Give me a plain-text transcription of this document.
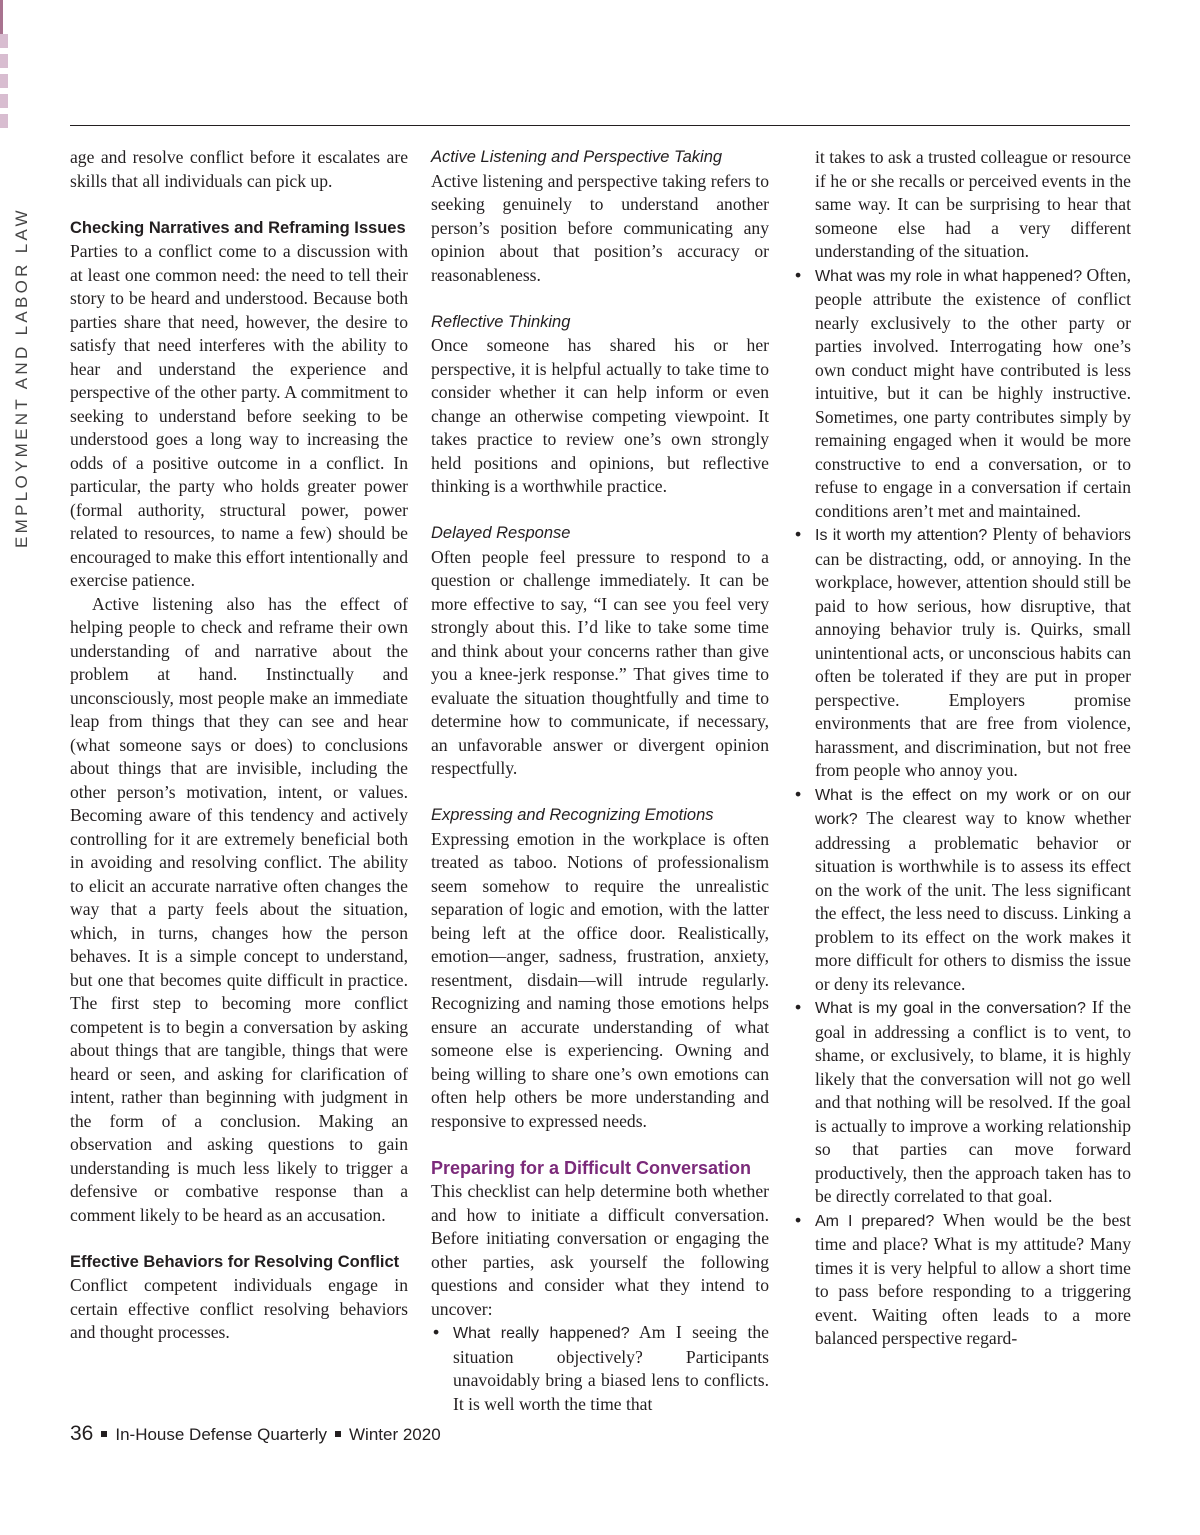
EMPLOYMENT AND LABOR LAW

age and resolve conflict before it escalates are skills that all individuals can pick up.

Checking Narratives and Reframing Issues

Parties to a conflict come to a discussion with at least one common need: the need to tell their story to be heard and understood. Because both parties share that need, however, the desire to satisfy that need interferes with the ability to hear and understand the experience and perspective of the other party. A commitment to seeking to understand before seeking to be understood goes a long way to increasing the odds of a positive outcome in a conflict. In particular, the party who holds greater power (formal authority, structural power, power related to resources, to name a few) should be encouraged to make this effort intentionally and exercise patience.

Active listening also has the effect of helping people to check and reframe their own understanding of and narrative about the problem at hand. Instinctually and unconsciously, most people make an immediate leap from things that they can see and hear (what someone says or does) to conclusions about things that are invisible, including the other person’s motivation, intent, or values. Becoming aware of this tendency and actively controlling for it are extremely beneficial both in avoiding and resolving conflict. The ability to elicit an accurate narrative often changes the way that a party feels about the situation, which, in turns, changes how the person behaves. It is a simple concept to understand, but one that becomes quite difficult in practice. The first step to becoming more conflict competent is to begin a conversation by asking about things that are tangible, things that were heard or seen, and asking for clarification of intent, rather than beginning with judgment in the form of a conclusion. Making an observation and asking questions to gain understanding is much less likely to trigger a defensive or combative response than a comment likely to be heard as an accusation.

Effective Behaviors for Resolving Conflict

Conflict competent individuals engage in certain effective conflict resolving behaviors and thought processes.

Active Listening and Perspective Taking

Active listening and perspective taking refers to seeking genuinely to understand another person’s position before communicating any opinion about that position’s accuracy or reasonableness.

Reflective Thinking

Once someone has shared his or her perspective, it is helpful actually to take time to consider whether it can help inform or even change an otherwise competing viewpoint. It takes practice to review one’s own strongly held positions and opinions, but reflective thinking is a worthwhile practice.

Delayed Response

Often people feel pressure to respond to a question or challenge immediately. It can be more effective to say, “I can see you feel very strongly about this. I’d like to take some time and think about your concerns rather than give you a knee-jerk response.” That gives time to evaluate the situation thoughtfully and time to determine how to communicate, if necessary, an unfavorable answer or divergent opinion respectfully.

Expressing and Recognizing Emotions

Expressing emotion in the workplace is often treated as taboo. Notions of professionalism seem somehow to require the unrealistic separation of logic and emotion, with the latter being left at the office door. Realistically, emotion—anger, sadness, frustration, anxiety, resentment, disdain—will intrude regularly. Recognizing and naming those emotions helps ensure an accurate understanding of what someone else is experiencing. Owning and being willing to share one’s own emotions can often help others be more understanding and responsive to expressed needs.

Preparing for a Difficult Conversation

This checklist can help determine both whether and how to initiate a difficult conversation. Before initiating conversation or engaging the other parties, ask yourself the following questions and consider what they intend to uncover:

• What really happened? Am I seeing the situation objectively? Participants unavoidably bring a biased lens to conflicts. It is well worth the time that

it takes to ask a trusted colleague or resource if he or she recalls or perceived events in the same way. It can be surprising to hear that someone else had a very different understanding of the situation.

• What was my role in what happened? Often, people attribute the existence of conflict nearly exclusively to the other party or parties involved. Interrogating how one’s own conduct might have contributed is less intuitive, but it can be highly instructive. Sometimes, one party contributes simply by remaining engaged when it would be more constructive to end a conversation, or to refuse to engage in a conversation if certain conditions aren’t met and maintained.

• Is it worth my attention? Plenty of behaviors can be distracting, odd, or annoying. In the workplace, however, attention should still be paid to how serious, how disruptive, that annoying behavior truly is. Quirks, small unintentional acts, or unconscious habits can often be tolerated if they are put in proper perspective. Employers promise environments that are free from violence, harassment, and discrimination, but not free from people who annoy you.

• What is the effect on my work or on our work? The clearest way to know whether addressing a problematic behavior or situation is worthwhile is to assess its effect on the work of the unit. The less significant the effect, the less need to discuss. Linking a problem to its effect on the work makes it more difficult for others to dismiss the issue or deny its relevance.

• What is my goal in the conversation? If the goal in addressing a conflict is to vent, to shame, or exclusively, to blame, it is highly likely that the conversation will not go well and that nothing will be resolved. If the goal is actually to improve a working relationship so that parties can move forward productively, then the approach taken has to be directly correlated to that goal.

• Am I prepared? When would be the best time and place? What is my attitude? Many times it is very helpful to allow a short time to pass before responding to a triggering event. Waiting often leads to a more balanced perspective regard-

36 In-House Defense Quarterly Winter 2020
